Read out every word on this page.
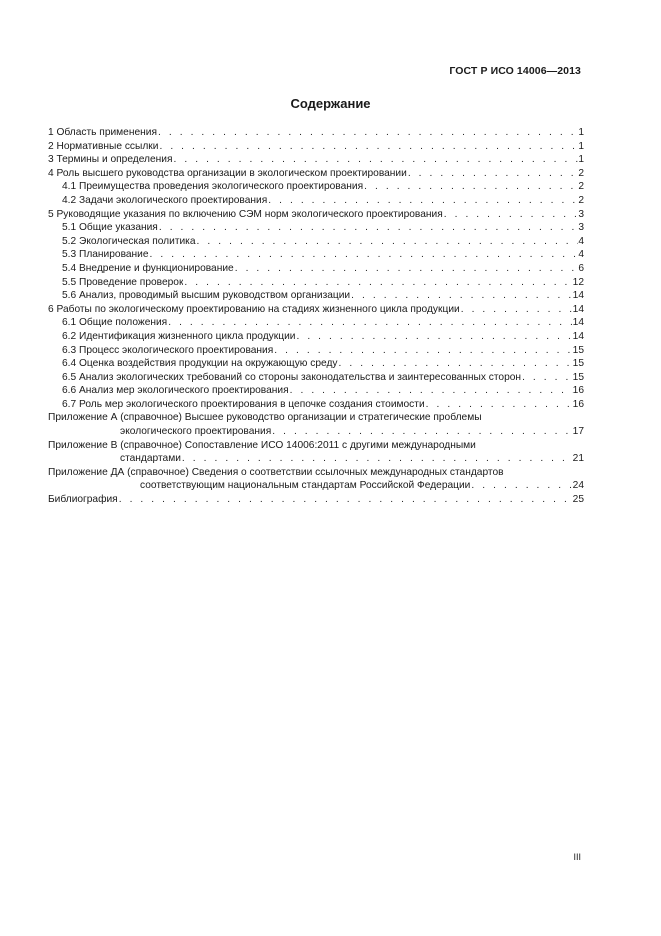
ГОСТ Р ИСО 14006—2013
Содержание
1 Область применения . . .	1
2 Нормативные ссылки . . .	1
3 Термины и определения . . .	1
4 Роль высшего руководства организации в экологическом проектировании . . .	2
4.1 Преимущества проведения экологического проектирования . . .	2
4.2 Задачи экологического проектирования . . .	2
5 Руководящие указания по включению СЭМ норм экологического проектирования . . .	3
5.1 Общие указания . . .	3
5.2 Экологическая политика . . .	4
5.3 Планирование . . .	4
5.4 Внедрение и функционирование . . .	6
5.5 Проведение проверок . . .	12
5.6 Анализ, проводимый высшим руководством организации . . .	14
6 Работы по экологическому проектированию на стадиях жизненного цикла продукции . . .	14
6.1 Общие положения . . .	14
6.2 Идентификация жизненного цикла продукции . . .	14
6.3 Процесс экологического проектирования . . .	15
6.4 Оценка воздействия продукции на окружающую среду . . .	15
6.5 Анализ экологических требований со стороны законодательства и заинтересованных сторон . . .	15
6.6 Анализ мер экологического проектирования . . .	16
6.7 Роль мер экологического проектирования в цепочке создания стоимости . . .	16
Приложение А (справочное) Высшее руководство организации и стратегические проблемы
экологического проектирования . . .	17
Приложение В (справочное) Сопоставление ИСО 14006:2011 с другими международными
стандартами . . .	21
Приложение ДА (справочное) Сведения о соответствии ссылочных международных стандартов
соответствующим национальным стандартам Российской Федерации . . .	24
Библиография . . .	25
III
